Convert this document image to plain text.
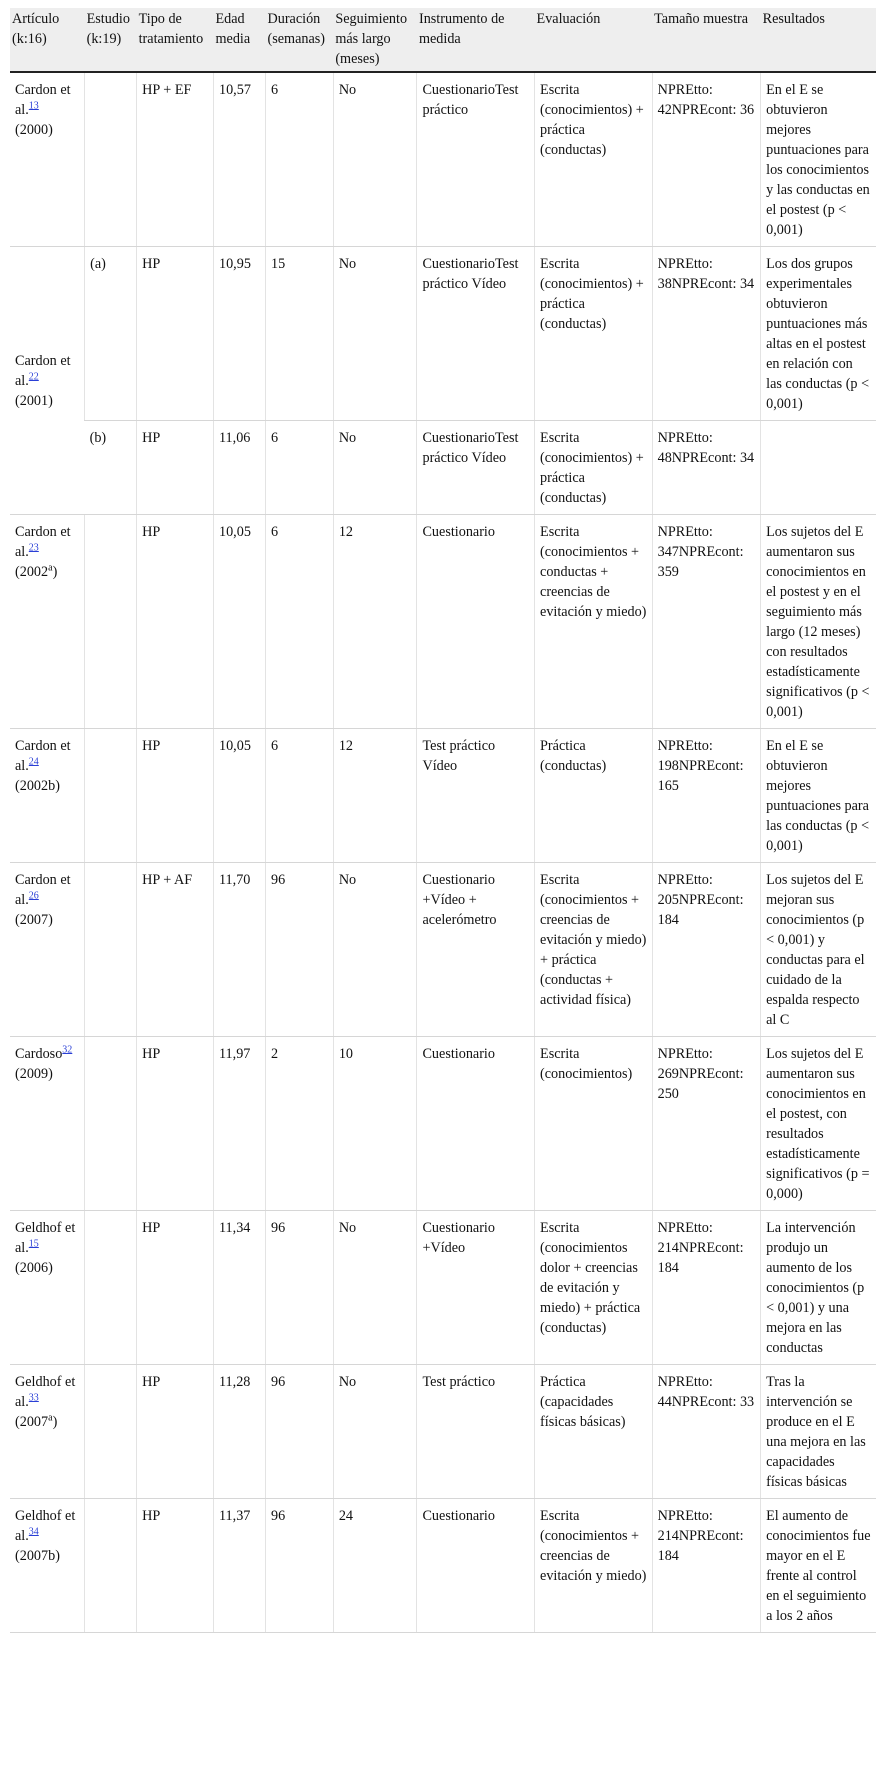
Artículo (k:16)	Estudio (k:19)	Tipo de tratamiento	Edad media	Duración (semanas)	Seguimiento más largo (meses)	Instrumento de medida	Evaluación	Tamaño muestra	Resultados
Cardon et al.$^{13}$
(2000)		HP + EF	10,57	6	No	CuestionarioTest práctico	Escrita (conocimientos) + práctica (conductas)	NPREtto: 42NPREcont: 36	En el E se obtuvieron mejores puntuaciones para los conocimientos y las conductas en el postest (p < 0,001)
Cardon et al.$^{22}$
(2001)	(a)	HP	10,95	15	No	CuestionarioTest práctico Vídeo	Escrita (conocimientos) + práctica (conductas)	NPREtto: 38NPREcont: 34	Los dos grupos experimentales obtuvieron puntuaciones más altas en el postest en relación con las conductas (p < 0,001)
	(b)	HP	11,06	6	No	CuestionarioTest práctico Vídeo	Escrita (conocimientos) + práctica (conductas)	NPREtto: 48NPREcont: 34	
Cardon et al.$^{23}$
(2002$^a$)		HP	10,05	6	12	Cuestionario	Escrita (conocimientos + conductas + creencias de evitación y miedo)	NPREtto: 347NPREcont: 359	Los sujetos del E aumentaron sus conocimientos en el postest y en el seguimiento más largo (12 meses) con resultados estadísticamente significativos (p < 0,001)
Cardon et al.$^{24}$
(2002b)		HP	10,05	6	12	Test práctico Vídeo	Práctica (conductas)	NPREtto: 198NPREcont: 165	En el E se obtuvieron mejores puntuaciones para las conductas (p < 0,001)
Cardon et al.$^{26}$
(2007)		HP + AF	11,70	96	No	Cuestionario +Vídeo + acelerómetro	Escrita (conocimientos + creencias de evitación y miedo) + práctica (conductas + actividad física)	NPREtto: 205NPREcont: 184	Los sujetos del E mejoran sus conocimientos (p < 0,001) y conductas para el cuidado de la espalda respecto al C
Cardoso$^{32}$
(2009)		HP	11,97	2	10	Cuestionario	Escrita (conocimientos)	NPREtto: 269NPREcont: 250	Los sujetos del E aumentaron sus conocimientos en el postest, con resultados estadísticamente significativos (p = 0,000)
Geldhof et al.$^{15}$
(2006)		HP	11,34	96	No	Cuestionario +Vídeo	Escrita (conocimientos dolor + creencias de evitación y miedo) + práctica (conductas)	NPREtto: 214NPREcont: 184	La intervención produjo un aumento de los conocimientos (p < 0,001) y una mejora en las conductas
Geldhof et al.$^{33}$
(2007$^a$)		HP	11,28	96	No	Test práctico	Práctica (capacidades físicas básicas)	NPREtto: 44NPREcont: 33	Tras la intervención se produce en el E una mejora en las capacidades físicas básicas
Geldhof et al.$^{34}$
(2007b)		HP	11,37	96	24	Cuestionario	Escrita (conocimientos + creencias de evitación y miedo)	NPREtto: 214NPREcont: 184	El aumento de conocimientos fue mayor en el E frente al control en el seguimiento a los 2 años
